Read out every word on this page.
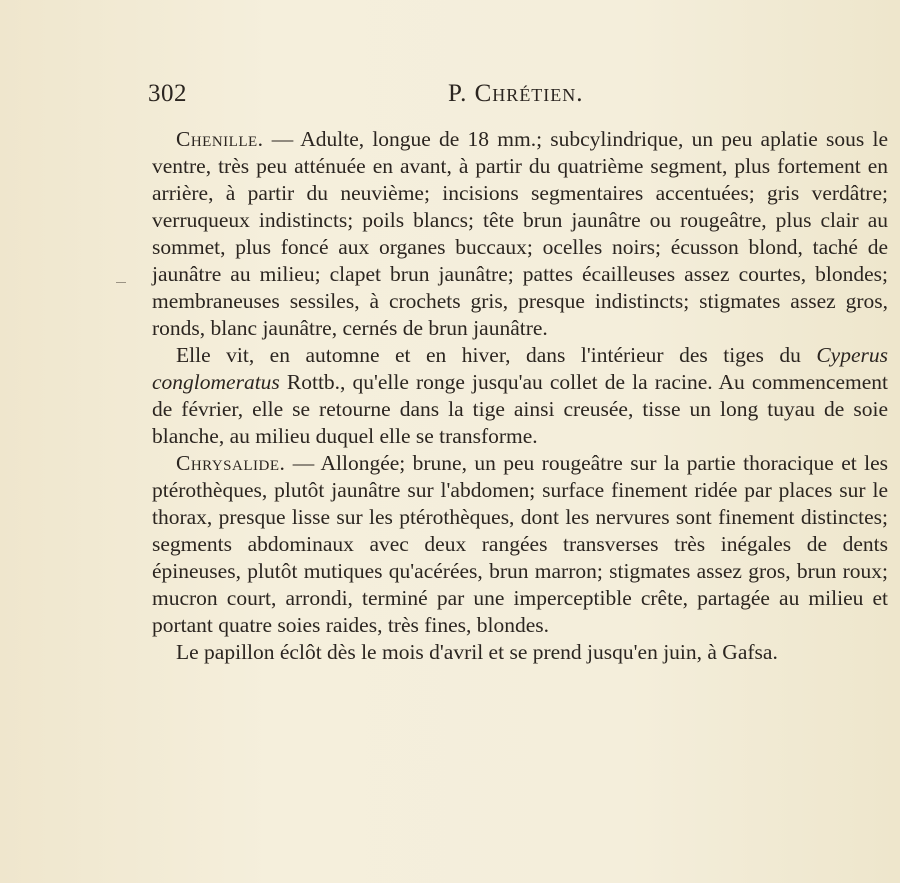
302	P. Chrétien.

Chenille. — Adulte, longue de 18 mm.; subcylindrique, un peu aplatie sous le ventre, très peu atténuée en avant, à partir du quatrième segment, plus fortement en arrière, à partir du neuvième; incisions segmentaires accentuées; gris verdâtre; verruqueux indistincts; poils blancs; tête brun jaunâtre ou rougeâtre, plus clair au sommet, plus foncé aux organes buccaux; ocelles noirs; écusson blond, taché de jaunâtre au milieu; clapet brun jaunâtre; pattes écailleuses assez courtes, blondes; membraneuses sessiles, à crochets gris, presque indistincts; stigmates assez gros, ronds, blanc jaunâtre, cernés de brun jaunâtre.

Elle vit, en automne et en hiver, dans l'intérieur des tiges du Cyperus conglomeratus Rottb., qu'elle ronge jusqu'au collet de la racine. Au commencement de février, elle se retourne dans la tige ainsi creusée, tisse un long tuyau de soie blanche, au milieu duquel elle se transforme.

Chrysalide. — Allongée; brune, un peu rougeâtre sur la partie thoracique et les ptérothèques, plutôt jaunâtre sur l'abdomen; surface finement ridée par places sur le thorax, presque lisse sur les ptérothèques, dont les nervures sont finement distinctes; segments abdominaux avec deux rangées transverses très inégales de dents épineuses, plutôt mutiques qu'acérées, brun marron; stigmates assez gros, brun roux; mucron court, arrondi, terminé par une imperceptible crête, partagée au milieu et portant quatre soies raides, très fines, blondes.

Le papillon éclôt dès le mois d'avril et se prend jusqu'en juin, à Gafsa.
